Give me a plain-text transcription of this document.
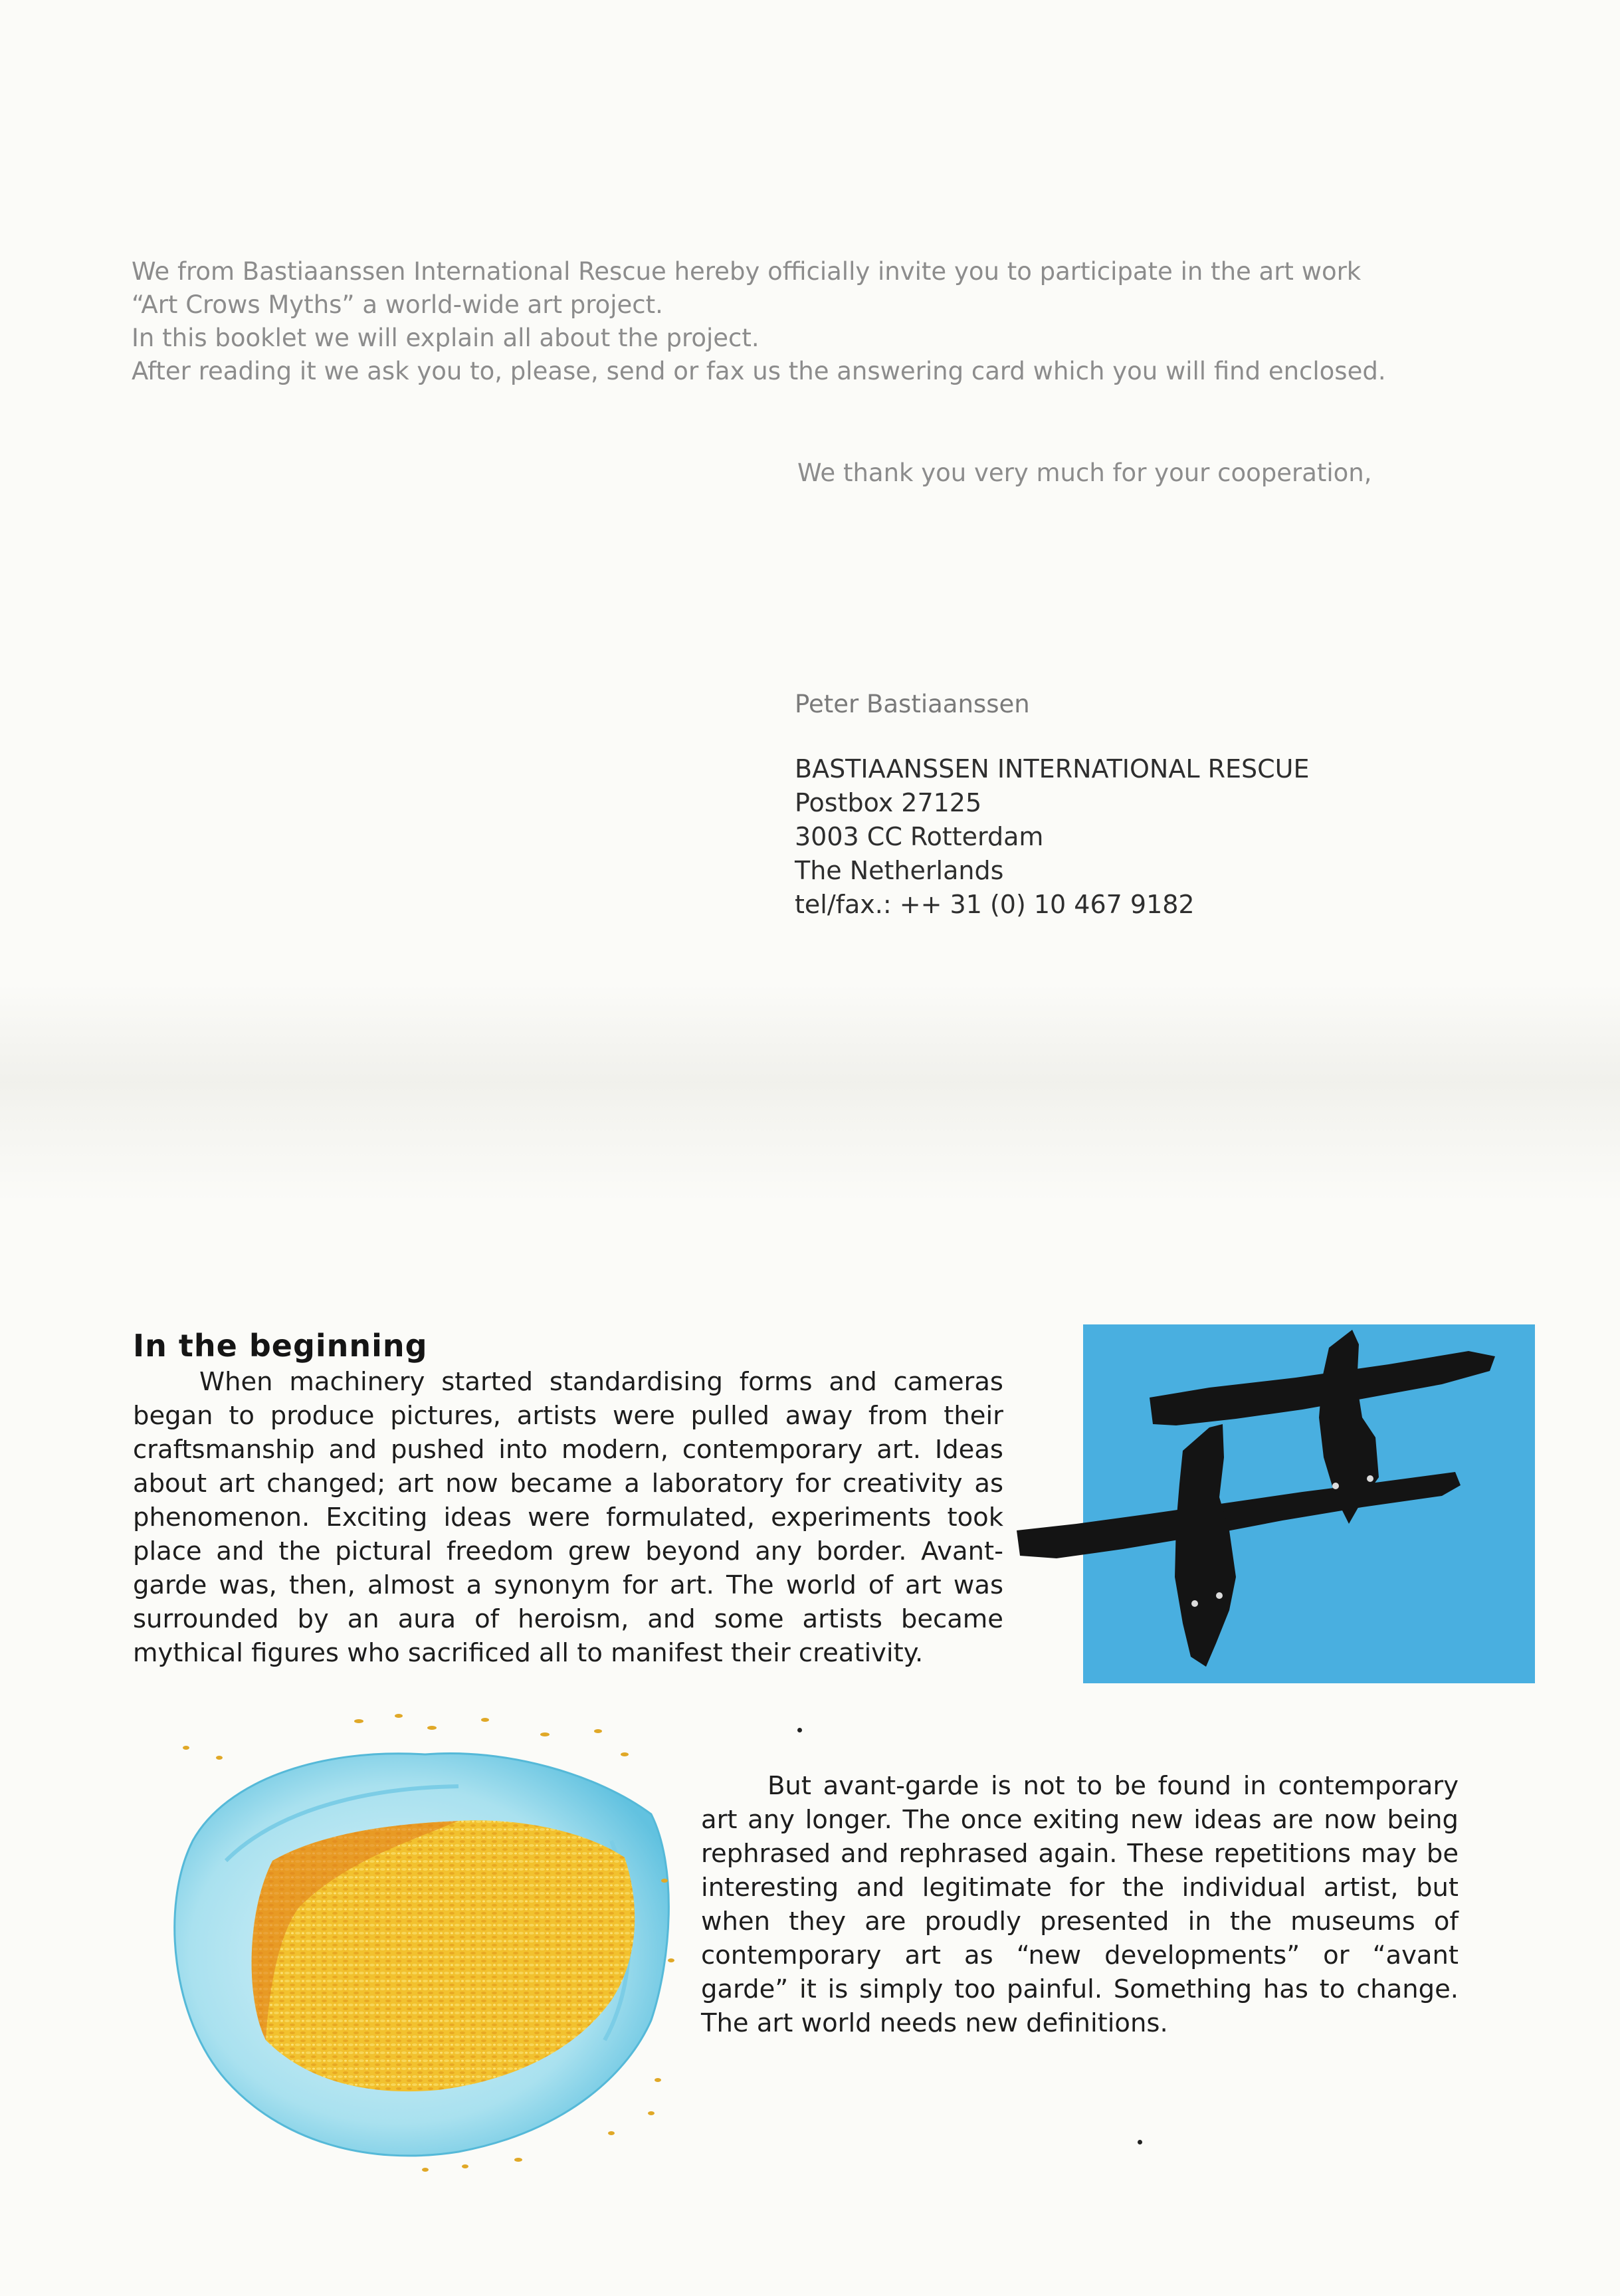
We from Bastiaanssen International Rescue hereby officially invite you to participate in the art work
“Art Crows Myths” a world-wide art project.
In this booklet we will explain all about the project.
After reading it we ask you to, please, send or fax us the answering card which you will find enclosed.
We thank you very much for your cooperation,
Peter Bastiaanssen
BASTIAANSSEN INTERNATIONAL RESCUE
Postbox 27125
3003 CC Rotterdam
The Netherlands
tel/fax.: ++ 31 (0) 10 467 9182
In the beginning

When machinery started standardising forms and cameras began to produce pictures, artists were pulled away from their craftsmanship and pushed into modern, contemporary art. Ideas about art changed; art now became a laboratory for creativity as phenomenon. Exciting ideas were formulated, experiments took place and the pictural freedom grew beyond any border. Avant-garde was, then, almost a synonym for art. The world of art was surrounded by an aura of heroism, and some artists became mythical figures who sacrificed all to manifest their creativity.

But avant-garde is not to be found in contemporary art any longer. The once exiting new ideas are now being rephrased and rephrased again. These repetitions may be interesting and legitimate for the individual artist, but when they are proudly presented in the museums of contemporary art as “new developments” or “avant garde” it is simply too painful. Something has to change. The art world needs new definitions.
